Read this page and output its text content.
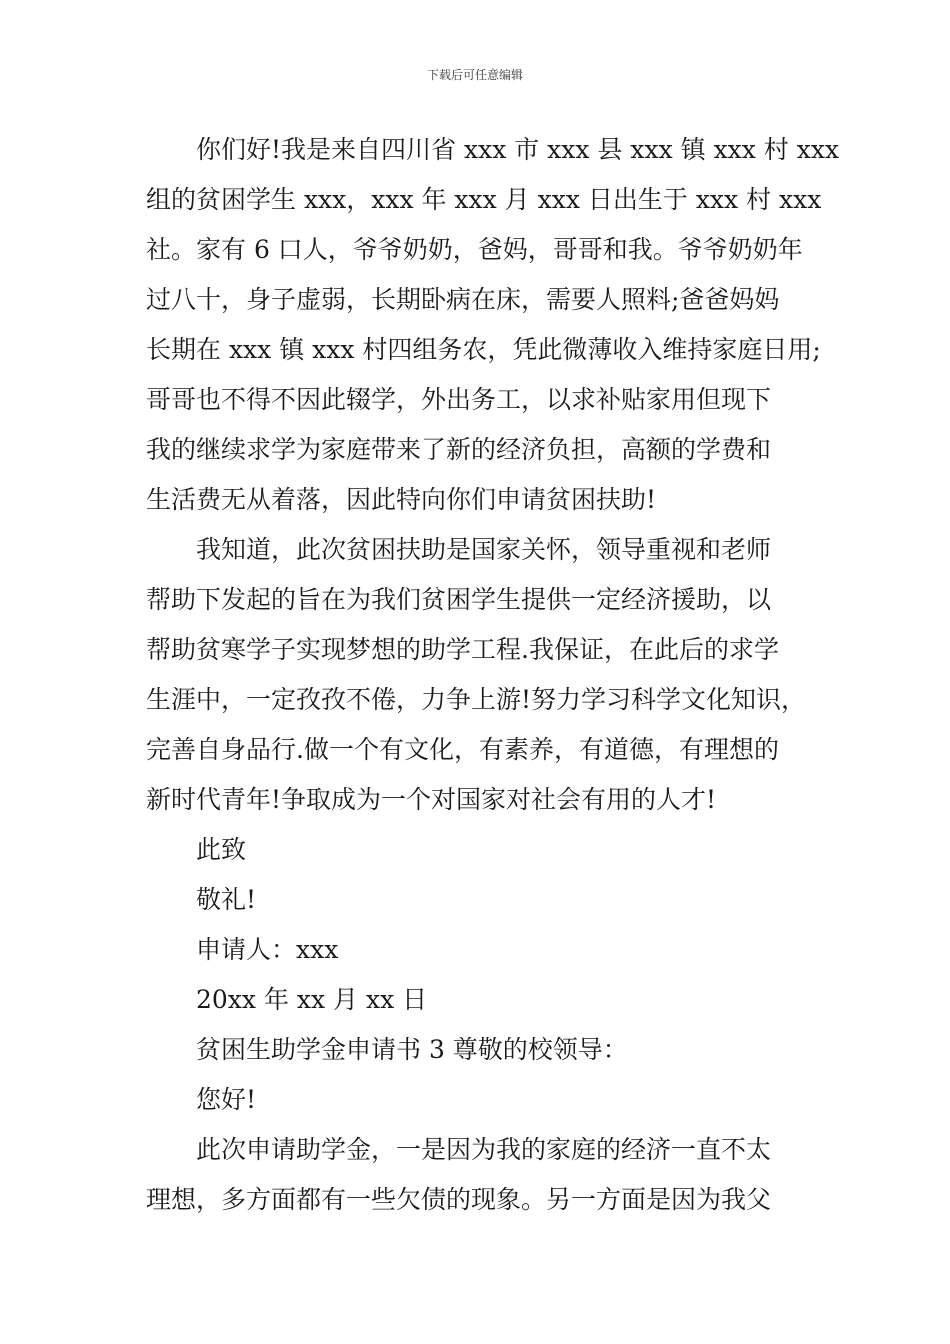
下载后可任意编辑
你们好!我是来自四川省 xxx 市 xxx 县 xxx 镇 xxx 村 xxx
组的贫困学生 xxx，xxx 年 xxx 月 xxx 日出生于 xxx 村 xxx
社。家有 6 口人，爷爷奶奶，爸妈，哥哥和我。爷爷奶奶年
过八十，身子虚弱，长期卧病在床，需要人照料;爸爸妈妈
长期在 xxx 镇 xxx 村四组务农，凭此微薄收入维持家庭日用;
哥哥也不得不因此辍学，外出务工，以求补贴家用但现下
我的继续求学为家庭带来了新的经济负担，高额的学费和
生活费无从着落，因此特向你们申请贫困扶助!
我知道，此次贫困扶助是国家关怀，领导重视和老师
帮助下发起的旨在为我们贫困学生提供一定经济援助，以
帮助贫寒学子实现梦想的助学工程.我保证，在此后的求学
生涯中，一定孜孜不倦，力争上游!努力学习科学文化知识，
完善自身品行.做一个有文化，有素养，有道德，有理想的
新时代青年!争取成为一个对国家对社会有用的人才!
此致
敬礼!
申请人：xxx
20xx 年 xx 月 xx 日
贫困生助学金申请书 3 尊敬的校领导：
您好!
此次申请助学金，一是因为我的家庭的经济一直不太
理想，多方面都有一些欠债的现象。另一方面是因为我父
